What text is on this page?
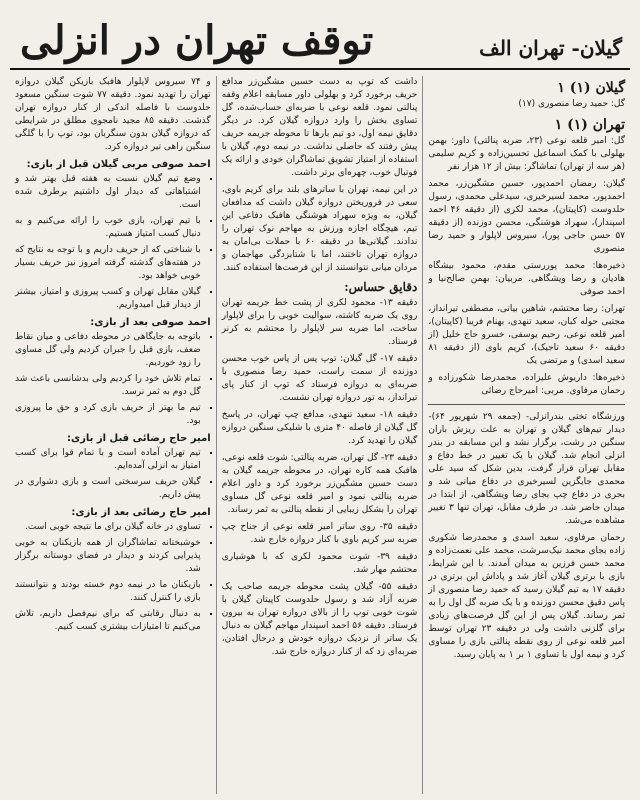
گیلان- تهران الف
توقف تهران در انزلی
گیلان (۱) ۱

گل: حمید رضا منصوری (۱۷)

تهران (۱) ۱

گل: امیر قلعه نوعی (۲۳، ضربه پنالتی) داور: بهمن بهلولی با کمک اسماعیل تحسین‌زاده و کریم سلیمی (هر سه از تهران) تماشاگر: بیش از ۱۲ هزار نفر

گیلان: رمضان احمدپور، حسین مشگین‌زر، محمد احمدپور، محمد لسیرخیری، سیدعلی محمدی، رسول حلدوست (کاپیتان)، محمد لکری (از دقیقه ۴۶ احمد اسپندار)، سهراد هوشنگی، محسن دوزنده (از دقیقه ۵۷ حسن حاجی پور)، سیروس لاپلوار و حمید رضا منصوری

ذخیره‌ها: محمد پوررستی مقدم، محمود بیشگاه هادیان و رضا ویشگاهی. مربیان: بهمن صالح‌نیا و احمد صوفی

تهران: رضا محتشم، شاهین بیاتی، مصطفی تیرانداز، مجتبی حوله کبان، سعید تنهدی، بهنام فریبا (کاپیتان)، امیر قلعه نوعی، رحیم یوسفی، خسرو حاج خلیل (از دقیقه ۶۰ سعید تاجیک)، کریم باوی (از دقیقه ۸۱ سعید اسدی) و مرتضی یک

ذخیره‌ها: داریوش علیزاده، محمدرضا شکورزاده و رحمان مرفاوی. مربی: امیرحاج رضائی

ورزشگاه تختی بندرانزلی- (جمعه ۲۹ شهریور ۶۴)- دیدار تیم‌های گیلان و تهران به علت ریزش باران سنگین در رشت، برگزار نشد و این مسابقه در بندر انزلی انجام شد. گیلان با یک تغییر در خط دفاع و مقابل تهران قرار گرفت، بدین شکل که سید علی محمدی جایگزین لسیرخیری در دفاع میانی شد و بحری در دفاع چپ بجای رضا ویشگاهی، از ابتدا در میدان حاضر شد. در طرف مقابل، تهران تنها ۳ تغییر مشاهده می‌شد.

رحمان مرفاوی، سعید اسدی و محمدرضا شکوری زاده بجای محمد نیک‌سرشت، محمد علی نعمت‌زاده و محمد حسن فرزین به میدان آمدند. با این شرایط، بازی با برتری گیلان آغاز شد و پاداش این برتری در دقیقه ۱۷ به تیم گیلان رسید که حمید رضا منصوری از پاس دقیق محسن دوزنده و با یک ضربه گل اول را به ثمر رساند. گیلان پس از این گل فرصت‌های زیادی برای گلزنی داشت ولی در دقیقه ۲۳ تهران توسط امیر قلعه نوعی از روی نقطه پنالتی بازی را مساوی کرد و نیمه اول با تساوی ۱ بر ۱ به پایان رسید.

داشت که توپ به دست حسین مشگین‌زر مدافع حریف برخورد کرد و بهلولی داور مسابقه اعلام وقفه پنالتی نمود. قلعه نوعی با ضربه‌ای حساب‌شده، گل تساوی بخش را وارد دروازه گیلان کرد. در دیگر دقایق نیمه اول، دو تیم بارها تا محوطه جریمه حریف پیش رفتند که حاصلی نداشت. در نیمه دوم، گیلان با استفاده از امتیاز تشویق تماشاگران خودی و ارائه یک فوتبال خوب، چهره‌ای برتر داشت.

در این نیمه، تهران با ساترهای بلند برای کریم باوی، سعی در فروریختن دروازه گیلان داشت که مدافعان گیلان، به ویژه سهراد هوشنگی هافبک دفاعی این تیم، هیچگاه اجازه ورزش به مهاجم نوک تهران را ندادند. گیلانی‌ها در دقیقه ۶۰ با حملات بی‌امان به دروازه تهران تاختند، اما با شتابزدگی مهاجمان و مردان میانی نتوانستند از این فرصت‌ها استفاده کنند.

دقایق حساس:

دقیقه ۱۳- محمود لکری از پشت خط جریمه تهران روی یک ضربه کاشته، سوالیت خوبی را برای لاپلوار ساخت، اما ضربه سر لاپلوار را محتشم به کرنر فرستاد.

دقیقه ۱۷- گل گیلان: توپ پس از پاس خوب محسن دوزنده از سمت راست، حمید رضا منصوری با ضربه‌ای به دروازه فرستاد که توپ از کنار پای تیرانداز، به تور دروازه تهران نشست.

دقیقه ۱۸- سعید تنهدی، مدافع چپ تهران، در پاسخ گل گیلان از فاصله ۴۰ متری با شلیکی سنگین دروازه گیلان را تهدید کرد.

دقیقه ۲۳- گل تهران، ضربه پنالتی: شوت قلعه نوعی، هافبک همه کاره تهران، در محوطه جریمه گیلان به دست حسین مشگین‌زر برخورد کرد و داور اعلام ضربه پنالتی نمود و امیر قلعه نوعی گل مساوی تهران را بشکل زیبایی از نقطه پنالتی به ثمر رساند.

دقیقه ۳۵- روی ساتر امیر قلعه نوعی از جناح چپ ضربه سر کریم باوی با کنار دروازه خارج شد.

دقیقه ۳۹- شوت محمود لکری که با هوشیاری محتشم مهار شد.

دقیقه ۵۵- گیلان پشت محوطه جریمه صاحب یک ضربه آزاد شد و رسول حلدوست کاپیتان گیلان با شوت خوبی توپ را از بالای دروازه تهران به بیرون فرستاد. دقیقه ۵۶ احمد اسپندار مهاجم گیلان به دنبال یک ساتر از نزدیک دروازه خودش و درحال افتادن، ضربه‌ای زد که از کنار دروازه خارج شد.

و ۷۴ سیروس لاپلوار هافبک بازیکن گیلان دروازه تهران را تهدید نمود. دقیقه ۷۷ شوت سنگین مسعود حلدوست با فاصله اندکی از کنار دروازه تهران گذشت. دقیقه ۸۵ مجید نامجوی مطلق در شرایطی که دروازه گیلان بدون سنگربان بود، توپ را با گلگی سنگین راهی تیر دروازه کرد.

احمد صوفی مربی گیلان قبل از بازی:
▪ وضع تیم گیلان نسبت به هفته قبل بهتر شد و اشتباهاتی که دیدار اول داشتیم برطرف شده است.
▪ با تیم تهران، بازی خوب را ارائه می‌کنیم و به دنبال کسب امتیاز هستیم.
▪ با شناختی که از حریف داریم و با توجه به نتایج که در هفته‌های گذشته گرفته امروز نیز حریف بسیار خوبی خواهد بود.
▪ گیلان مقابل تهران و کسب پیروزی و امتیاز، بیشتر از دیدار قبل امیدواریم.
احمد صوفی بعد از بازی:
▪ باتوجه به جایگاهی در محوطه دفاعی و میان نقاط ضعف، بازی قبل را جبران کردیم ولی گل مساوی را زود خوردیم.
▪ تمام تلاش خود را کردیم ولی بدشانسی باعث شد گل دوم به ثمر نرسد.
▪ تیم ما بهتر از حریف بازی کرد و حق ما پیروزی بود.
امیر حاج رضائی قبل از بازی:
▪ تیم تهران آماده است و با تمام قوا برای کسب امتیاز به انزلی آمده‌ایم.
▪ گیلان حریف سرسختی است و بازی دشواری در پیش داریم.
امیر حاج رضائی بعد از بازی:
▪ تساوی در خانه گیلان برای ما نتیجه خوبی است.
▪ خوشبختانه تماشاگران از همه بازیکنان به خوبی پذیرایی کردند و دیدار در فضای دوستانه برگزار شد.
▪ بازیکنان ما در نیمه دوم خسته بودند و نتوانستند بازی را کنترل کنند.
▪ به دنبال رقابتی که برای نیم‌فصل داریم، تلاش می‌کنیم تا امتیازات بیشتری کسب کنیم.
